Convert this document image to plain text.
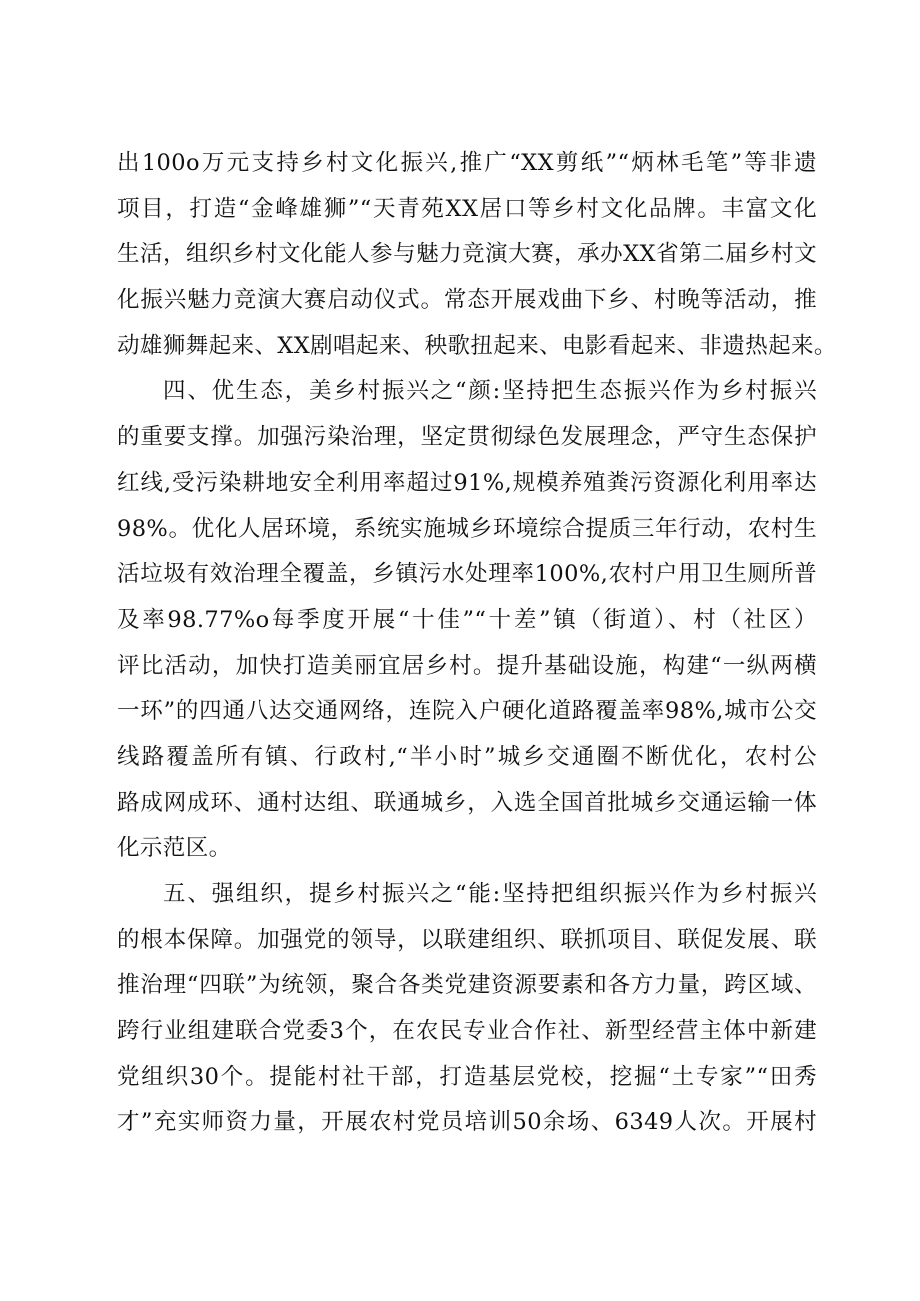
出100o万元支持乡村文化振兴,推广“XX剪纸”“炳林毛笔”等非遗
项目，打造“金峰雄狮”“天青苑XX居口等乡村文化品牌。丰富文化
生活，组织乡村文化能人参与魅力竞演大赛，承办XX省第二届乡村文
化振兴魅力竞演大赛启动仪式。常态开展戏曲下乡、村晚等活动，推
动雄狮舞起来、XX剧唱起来、秧歌扭起来、电影看起来、非遗热起来。
四、优生态，美乡村振兴之“颜:坚持把生态振兴作为乡村振兴
的重要支撑。加强污染治理，坚定贯彻绿色发展理念，严守生态保护
红线,受污染耕地安全利用率超过91%,规模养殖粪污资源化利用率达
98%。优化人居环境，系统实施城乡环境综合提质三年行动，农村生
活垃圾有效治理全覆盖，乡镇污水处理率100%,农村户用卫生厕所普
及率98.77%o每季度开展“十佳”“十差”镇（街道）、村（社区）
评比活动，加快打造美丽宜居乡村。提升基础设施，构建“一纵两横
一环”的四通八达交通网络，连院入户硬化道路覆盖率98%,城市公交
线路覆盖所有镇、行政村,“半小时”城乡交通圈不断优化，农村公
路成网成环、通村达组、联通城乡，入选全国首批城乡交通运输一体
化示范区。
五、强组织，提乡村振兴之“能:坚持把组织振兴作为乡村振兴
的根本保障。加强党的领导，以联建组织、联抓项目、联促发展、联
推治理“四联”为统领，聚合各类党建资源要素和各方力量，跨区域、
跨行业组建联合党委3个，在农民专业合作社、新型经营主体中新建
党组织30个。提能村社干部，打造基层党校，挖掘“土专家”“田秀
才”充实师资力量，开展农村党员培训50余场、6349人次。开展村
